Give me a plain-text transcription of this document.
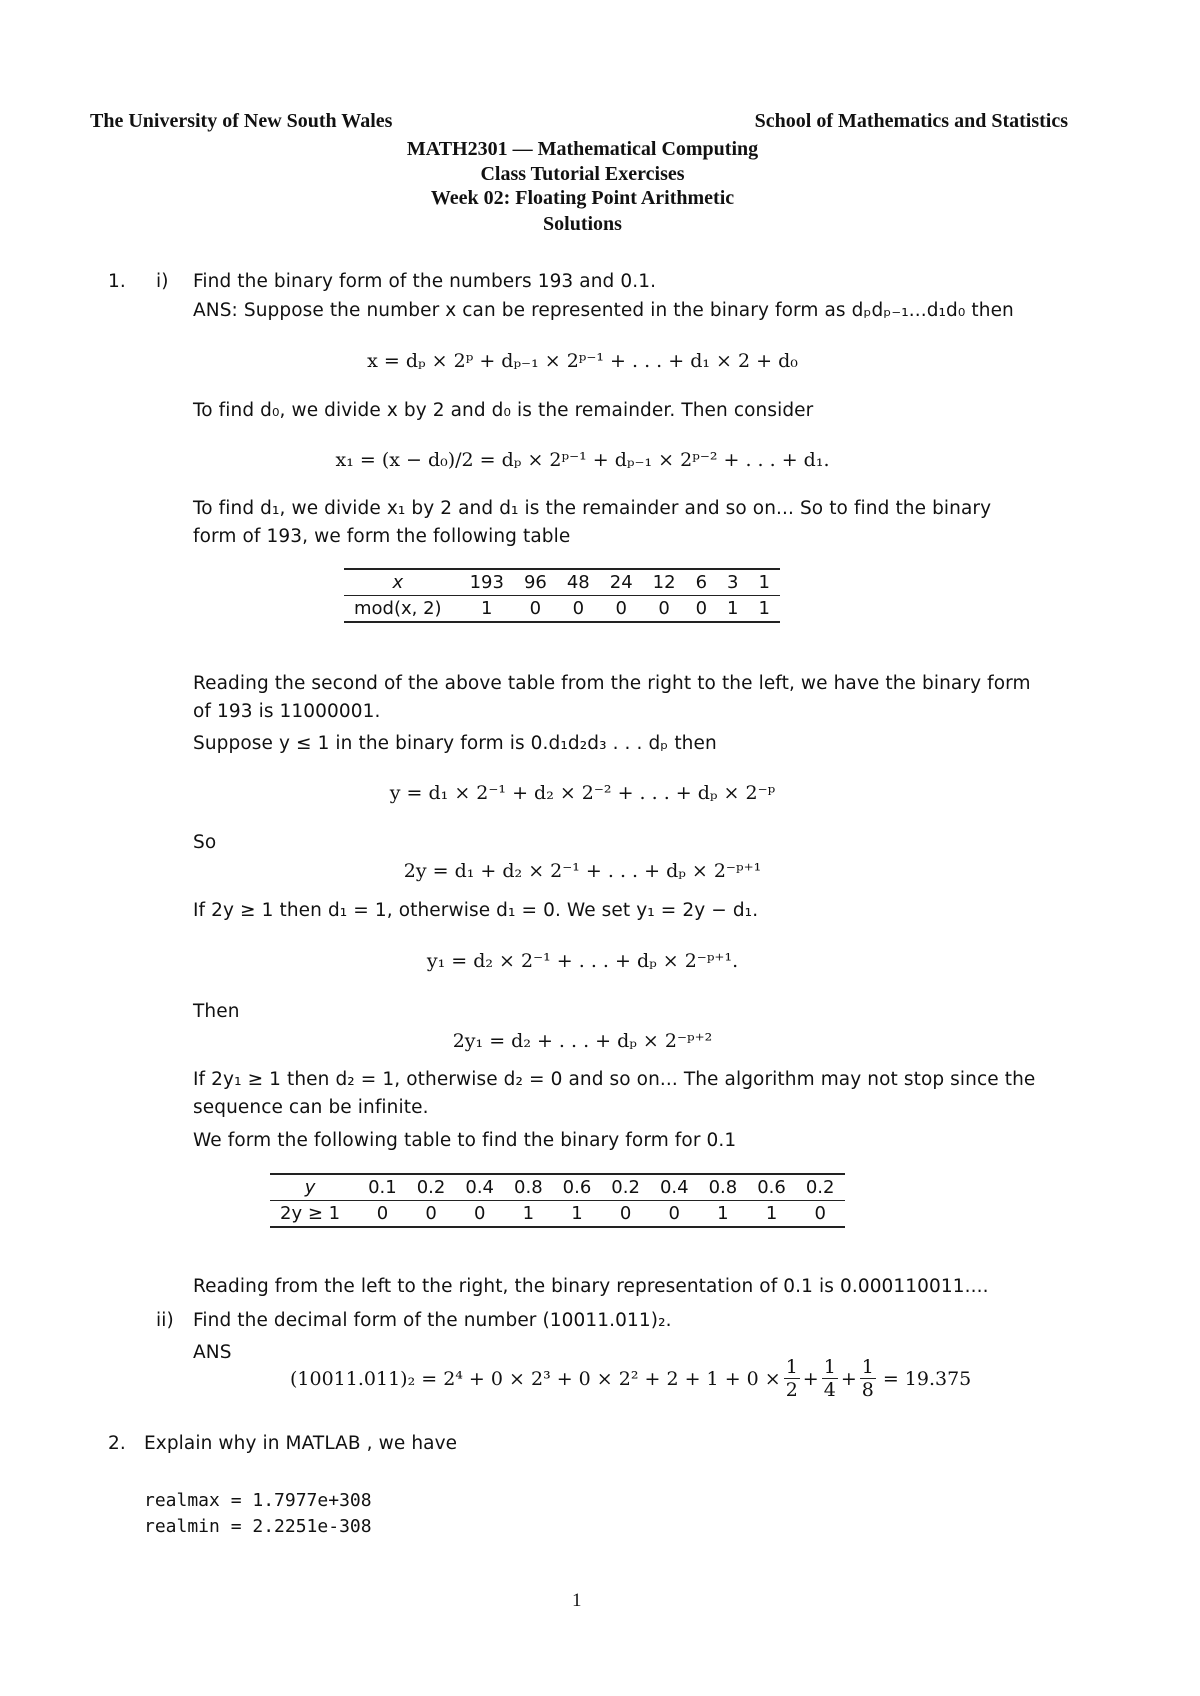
The University of New South Wales	School of Mathematics and Statistics
MATH2301 — Mathematical Computing
Class Tutorial Exercises
Week 02: Floating Point Arithmetic
Solutions
1. i) Find the binary form of the numbers 193 and 0.1.
ANS: Suppose the number x can be represented in the binary form as dₚdₚ₋₁...d₁d₀ then
x = dₚ × 2ᵖ + dₚ₋₁ × 2ᵖ⁻¹ + . . . + d₁ × 2 + d₀
To find d₀, we divide x by 2 and d₀ is the remainder. Then consider
x₁ = (x − d₀)/2 = dₚ × 2ᵖ⁻¹ + dₚ₋₁ × 2ᵖ⁻² + . . . + d₁.
To find d₁, we divide x₁ by 2 and d₁ is the remainder and so on... So to find the binary
form of 193, we form the following table
x	193	96	48	24	12	6	3	1
mod(x, 2)	1	0	0	0	0	0	1	1
Reading the second of the above table from the right to the left, we have the binary form
of 193 is 11000001.
Suppose y ≤ 1 in the binary form is 0.d₁d₂d₃ . . . dₚ then
y = d₁ × 2⁻¹ + d₂ × 2⁻² + . . . + dₚ × 2⁻ᵖ
So
2y = d₁ + d₂ × 2⁻¹ + . . . + dₚ × 2⁻ᵖ⁺¹
If 2y ≥ 1 then d₁ = 1, otherwise d₁ = 0. We set y₁ = 2y − d₁.
y₁ = d₂ × 2⁻¹ + . . . + dₚ × 2⁻ᵖ⁺¹.
Then
2y₁ = d₂ + . . . + dₚ × 2⁻ᵖ⁺²
If 2y₁ ≥ 1 then d₂ = 1, otherwise d₂ = 0 and so on... The algorithm may not stop since the
sequence can be infinite.
We form the following table to find the binary form for 0.1
y	0.1	0.2	0.4	0.8	0.6	0.2	0.4	0.8	0.6	0.2
2y ≥ 1	0	0	0	1	1	0	0	1	1	0
Reading from the left to the right, the binary representation of 0.1 is 0.000110011....
ii) Find the decimal form of the number (10011.011)₂.
ANS
$(10011.011)_2 = 2^4 + 0 \times 2^3 + 0 \times 2^2 + 2 + 1 + 0 \times \frac{1}{2} + \frac{1}{4} + \frac{1}{8} = 19.375$
2. Explain why in MATLAB , we have
realmax = 1.7977e+308
realmin = 2.2251e-308
1
